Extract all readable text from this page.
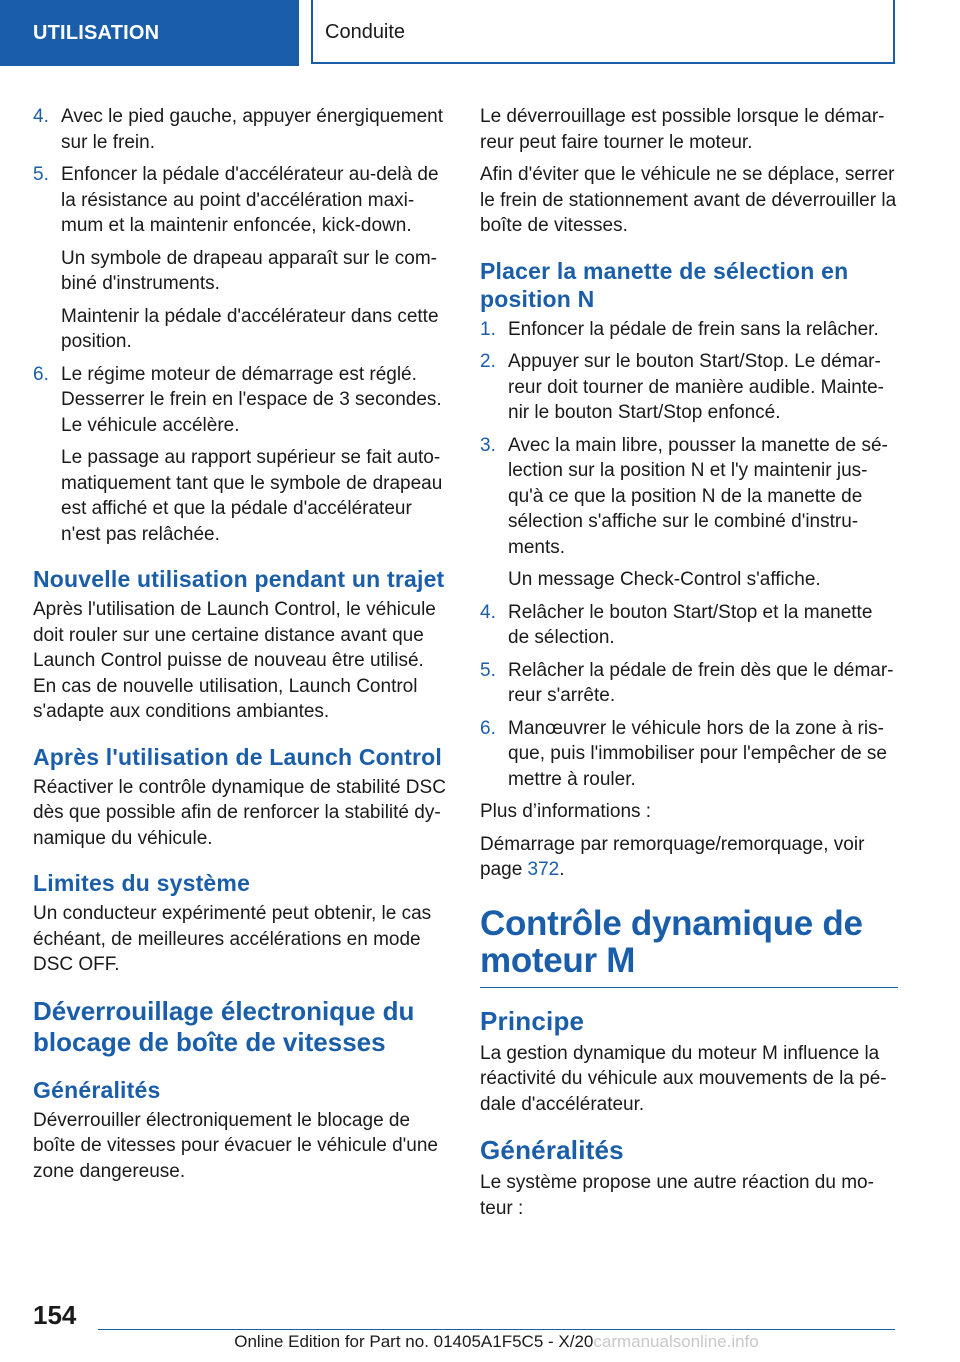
UTILISATION	Conduite
4. Avec le pied gauche, appuyer énergiquement sur le frein.

5. Enfoncer la pédale d'accélérateur au-delà de la résistance au point d'accélération maxi- mum et la maintenir enfoncée, kick-down.

Un symbole de drapeau apparaît sur le com- biné d'instruments.

Maintenir la pédale d'accélérateur dans cette position.

6. Le régime moteur de démarrage est réglé. Desserrer le frein en l'espace de 3 secondes. Le véhicule accélère.

Le passage au rapport supérieur se fait auto- matiquement tant que le symbole de drapeau est affiché et que la pédale d'accélérateur n'est pas relâchée.

Nouvelle utilisation pendant un trajet

Après l'utilisation de Launch Control, le véhicule doit rouler sur une certaine distance avant que Launch Control puisse de nouveau être utilisé. En cas de nouvelle utilisation, Launch Control s'adapte aux conditions ambiantes.

Après l'utilisation de Launch Control

Réactiver le contrôle dynamique de stabilité DSC dès que possible afin de renforcer la stabilité dy- namique du véhicule.

Limites du système

Un conducteur expérimenté peut obtenir, le cas échéant, de meilleures accélérations en mode DSC OFF.

Déverrouillage électronique du blocage de boîte de vitesses
Généralités

Déverrouiller électroniquement le blocage de boîte de vitesses pour évacuer le véhicule d'une zone dangereuse.

Le déverrouillage est possible lorsque le démar- reur peut faire tourner le moteur.

Afin d'éviter que le véhicule ne se déplace, serrer le frein de stationnement avant de déverrouiller la boîte de vitesses.

Placer la manette de sélection en position N
1. Enfoncer la pédale de frein sans la relâcher.

2. Appuyer sur le bouton Start/Stop. Le démar- reur doit tourner de manière audible. Mainte- nir le bouton Start/Stop enfoncé.

3. Avec la main libre, pousser la manette de sé- lection sur la position N et l'y maintenir jus- qu'à ce que la position N de la manette de sélection s'affiche sur le combiné d'instru- ments.

Un message Check-Control s'affiche.

4. Relâcher le bouton Start/Stop et la manette de sélection.

5. Relâcher la pédale de frein dès que le démar- reur s'arrête.

6. Manœuvrer le véhicule hors de la zone à ris- que, puis l'immobiliser pour l'empêcher de se mettre à rouler.

Plus d’informations :

Démarrage par remorquage/remorquage, voir page 372.

Contrôle dynamique de moteur M
Principe

La gestion dynamique du moteur M influence la réactivité du véhicule aux mouvements de la pé- dale d'accélérateur.

Généralités

Le système propose une autre réaction du mo- teur :

154
Online Edition for Part no. 01405A1F5C5 - X/20carmanualsonline.info
